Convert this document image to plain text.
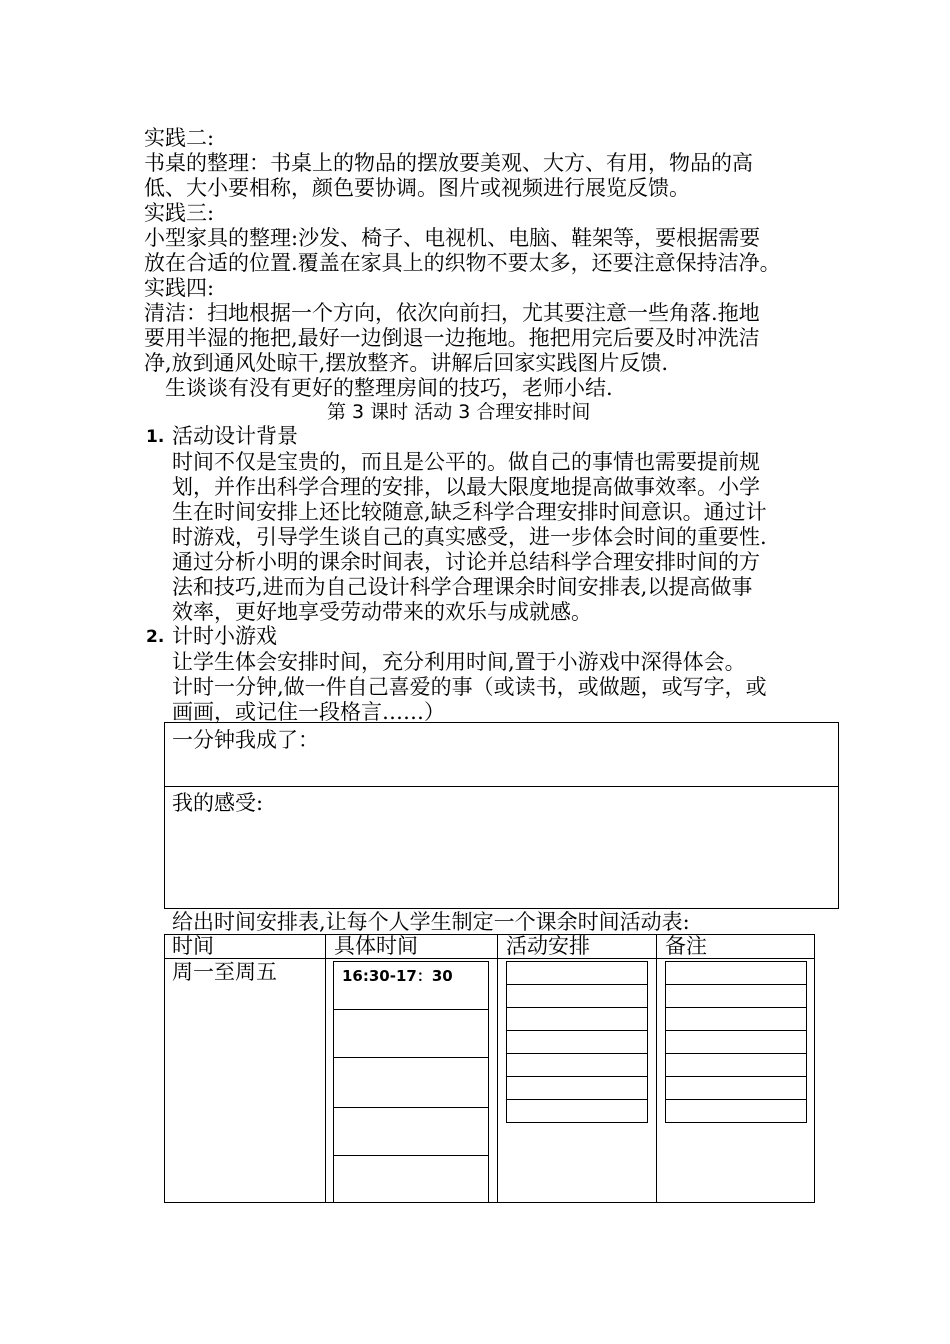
实践二:
书桌的整理：书桌上的物品的摆放要美观、大方、有用，物品的高
低、大小要相称，颜色要协调。图片或视频进行展览反馈。
实践三:
小型家具的整理:沙发、椅子、电视机、电脑、鞋架等，要根据需要
放在合适的位置.覆盖在家具上的织物不要太多，还要注意保持洁净。
实践四:
清洁：扫地根据一个方向，依次向前扫，尤其要注意一些角落.拖地
要用半湿的拖把,最好一边倒退一边拖地。拖把用完后要及时冲洗洁
净,放到通风处晾干,摆放整齐。讲解后回家实践图片反馈.
生谈谈有没有更好的整理房间的技巧，老师小结.
第 3 课时 活动 3 合理安排时间
1. 活动设计背景
时间不仅是宝贵的，而且是公平的。做自己的事情也需要提前规
划，并作出科学合理的安排，以最大限度地提高做事效率。小学
生在时间安排上还比较随意,缺乏科学合理安排时间意识。通过计
时游戏，引导学生谈自己的真实感受，进一步体会时间的重要性.
通过分析小明的课余时间表，讨论并总结科学合理安排时间的方
法和技巧,进而为自己设计科学合理课余时间安排表,以提高做事
效率，更好地享受劳动带来的欢乐与成就感。
2. 计时小游戏
让学生体会安排时间，充分利用时间,置于小游戏中深得体会。
计时一分钟,做一件自己喜爱的事（或读书，或做题，或写字，或
画画，或记住一段格言……）
一分钟我成了：
我的感受:
给出时间安排表,让每个人学生制定一个课余时间活动表:
时间	具体时间	活动安排	备注
周一至周五	16:30-17：30
